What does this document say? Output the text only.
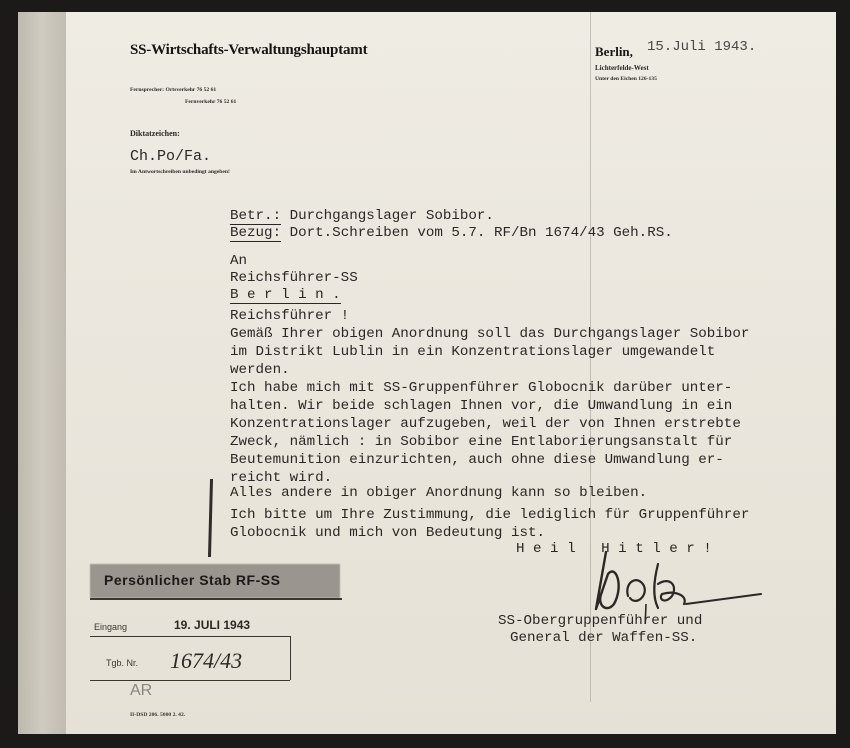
SS-Wirtschafts-Verwaltungshauptamt
Fernsprecher: Ortsverkehr 76 52 61
Fernverkehr 76 52 61
Diktatzeichen:
Ch.Po/Fa.
Im Antwortschreiben unbedingt angeben!
Berlin, 15.Juli 1943.
Lichterfelde-West
Unter den Eichen 126-135
Betr.: Durchgangslager Sobibor.
Bezug: Dort.Schreiben vom 5.7. RF/Bn 1674/43 Geh.RS.
An
Reichsführer-SS
B e r l i n .
Reichsführer !
Gemäß Ihrer obigen Anordnung soll das Durchgangslager Sobibor
im Distrikt Lublin in ein Konzentrationslager umgewandelt
werden.
Ich habe mich mit SS-Gruppenführer Globocnik darüber unter-
halten. Wir beide schlagen Ihnen vor, die Umwandlung in ein
Konzentrationslager aufzugeben, weil der von Ihnen erstrebte
Zweck, nämlich : in Sobibor eine Entlaborierungsanstalt für
Beutemunition einzurichten, auch ohne diese Umwandlung er-
reicht wird.
Alles andere in obiger Anordnung kann so bleiben.
Ich bitte um Ihre Zustimmung, die lediglich für Gruppenführer
Globocnik und mich von Bedeutung ist.
H e i l   H i t l e r !
SS-Obergruppenführer und
General der Waffen-SS.
Persönlicher Stab RF-SS
Eingang	19. JULI 1943
Tgb. Nr. 1674/43
AR
II-DSD 206. 5000 2. 42.
